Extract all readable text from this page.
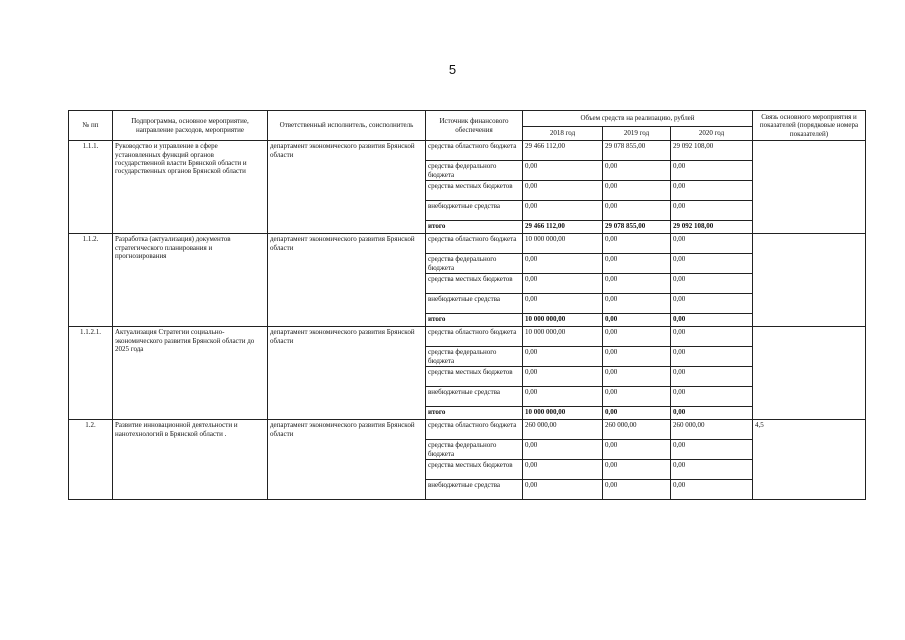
5
№ пп	Подпрограмма, основное мероприятие, направление расходов, мероприятие	Ответственный исполнитель, соисполнитель	Источник финансового обеспечения	Объем средств на реализацию, рублей			Связь основного мероприятия и показателей (порядковые номера показателей)
				2018 год	2019 год	2020 год	
1.1.1.	Руководство и управление в сфере установленных функций органов государственной власти Брянской области и государственных органов Брянской области	департамент экономического развития Брянской области	средства областного бюджета	29 466 112,00	29 078 855,00	29 092 108,00	
			средства федерального бюджета	0,00	0,00	0,00	
			средства местных бюджетов	0,00	0,00	0,00	
			внебюджетные средства	0,00	0,00	0,00	
			итого	29 466 112,00	29 078 855,00	29 092 108,00	
1.1.2.	Разработка (актуализация) документов стратегического планирования и прогнозирования	департамент экономического развития Брянской области	средства областного бюджета	10 000 000,00	0,00	0,00	
			средства федерального бюджета	0,00	0,00	0,00	
			средства местных бюджетов	0,00	0,00	0,00	
			внебюджетные средства	0,00	0,00	0,00	
			итого	10 000 000,00	0,00	0,00	
1.1.2.1.	Актуализация Стратегии социально-экономического развития Брянской области до 2025 года	департамент экономического развития Брянской области	средства областного бюджета	10 000 000,00	0,00	0,00	
			средства федерального бюджета	0,00	0,00	0,00	
			средства местных бюджетов	0,00	0,00	0,00	
			внебюджетные средства	0,00	0,00	0,00	
			итого	10 000 000,00	0,00	0,00	
1.2.	Развитие инновационной деятельности и нанотехнологий в Брянской области .	департамент экономического развития Брянской области	средства областного бюджета	260 000,00	260 000,00	260 000,00	4,5
			средства федерального бюджета	0,00	0,00	0,00	
			средства местных бюджетов	0,00	0,00	0,00	
			внебюджетные средства	0,00	0,00	0,00	
